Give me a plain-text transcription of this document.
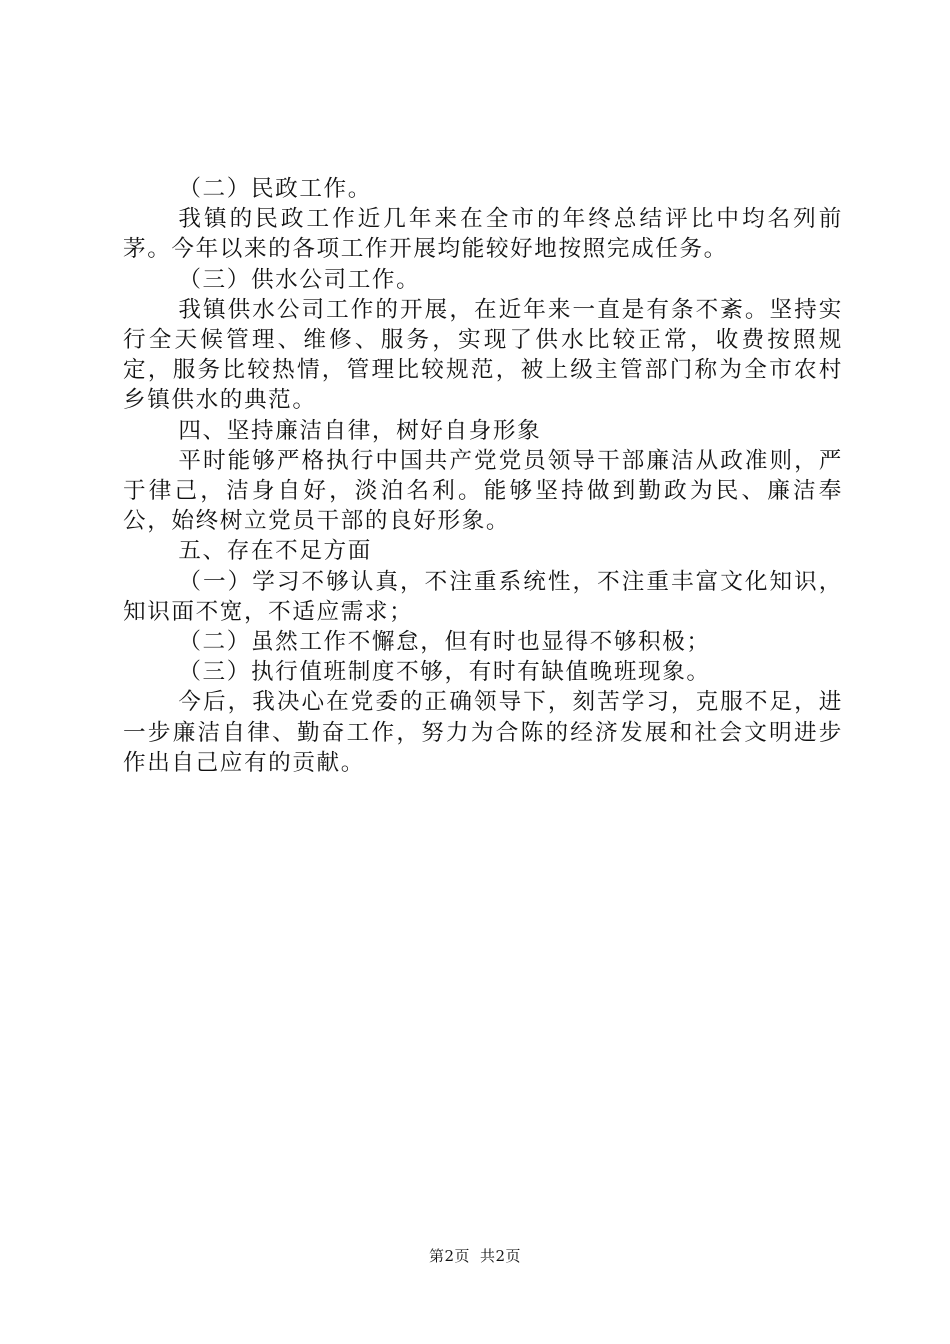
（二）民政工作。

我镇的民政工作近几年来在全市的年终总结评比中均名列前茅。今年以来的各项工作开展均能较好地按照完成任务。

（三）供水公司工作。

我镇供水公司工作的开展，在近年来一直是有条不紊。坚持实行全天候管理、维修、服务，实现了供水比较正常，收费按照规定，服务比较热情，管理比较规范，被上级主管部门称为全市农村乡镇供水的典范。

四、坚持廉洁自律，树好自身形象

平时能够严格执行中国共产党党员领导干部廉洁从政准则，严于律己，洁身自好，淡泊名利。能够坚持做到勤政为民、廉洁奉公，始终树立党员干部的良好形象。

五、存在不足方面

（一）学习不够认真，不注重系统性，不注重丰富文化知识，知识面不宽，不适应需求；

（二）虽然工作不懈怠，但有时也显得不够积极；

（三）执行值班制度不够，有时有缺值晚班现象。

今后，我决心在党委的正确领导下，刻苦学习，克服不足，进一步廉洁自律、勤奋工作，努力为合陈的经济发展和社会文明进步作出自己应有的贡献。

第2页 共2页
